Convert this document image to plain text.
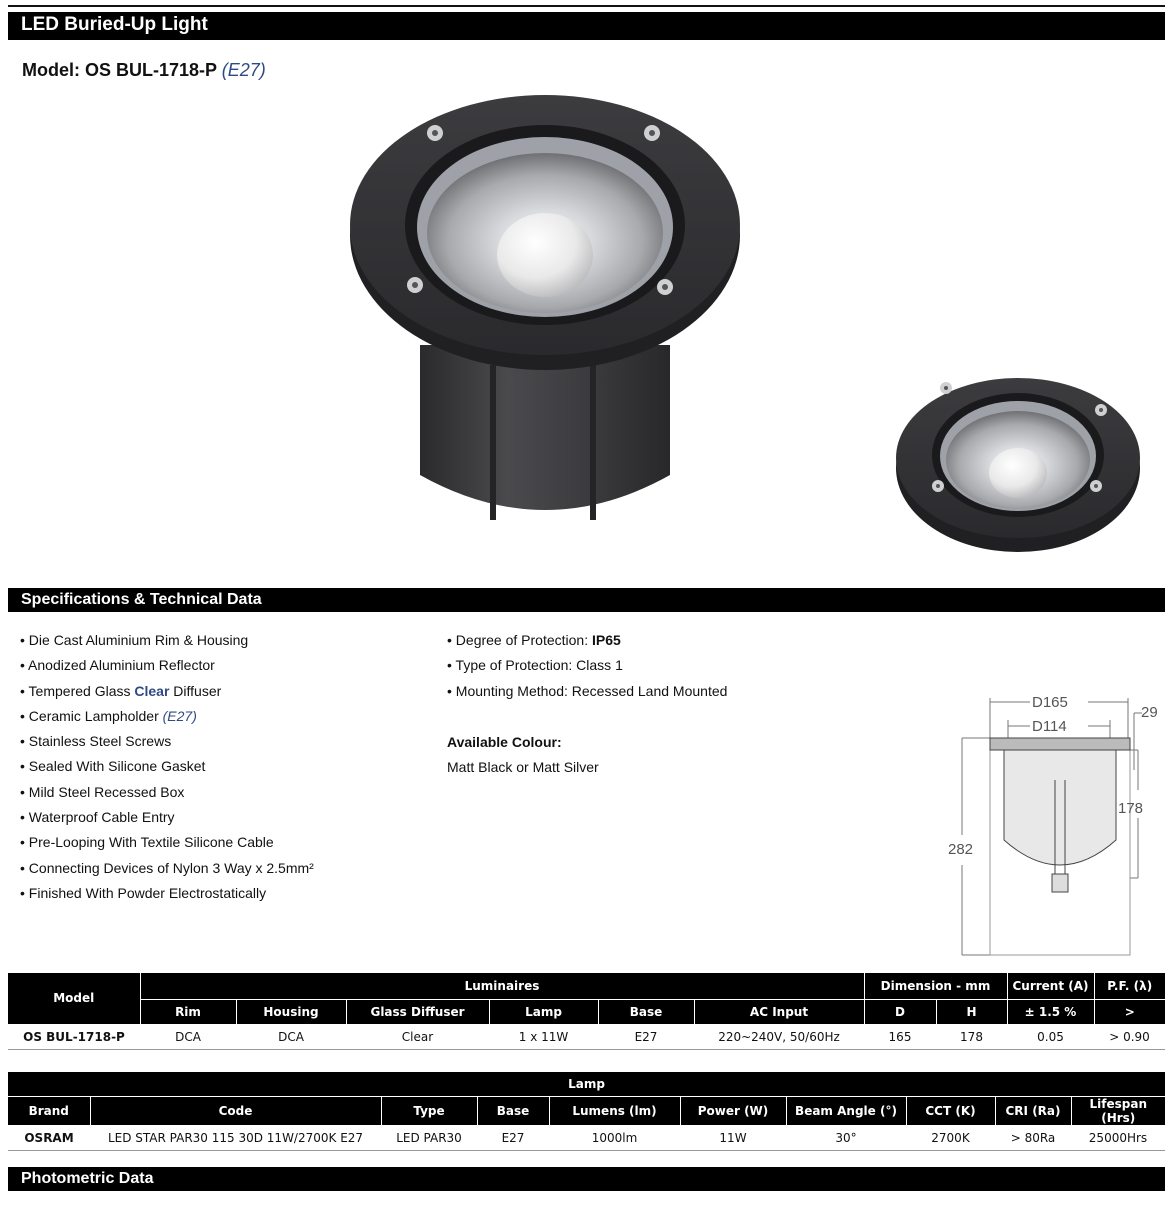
LED Buried-Up Light
Model: OS BUL-1718-P (E27)
Specifications & Technical Data
• Die Cast Aluminium Rim & Housing
• Anodized Aluminium Reflector
• Tempered Glass Clear Diffuser
• Ceramic Lampholder (E27)
• Stainless Steel Screws
• Sealed With Silicone Gasket
• Mild Steel Recessed Box
• Waterproof Cable Entry
• Pre-Looping With Textile Silicone Cable
• Connecting Devices of Nylon 3 Way x 2.5mm²
• Finished With Powder Electrostatically
• Degree of Protection: IP65
• Type of Protection: Class 1
• Mounting Method: Recessed Land Mounted
Available Colour:
Matt Black or Matt Silver
D165
D114
29
178
282
Model	Luminaires						Dimension - mm		Current (A)	P.F. (λ)
	Rim	Housing	Glass Diffuser	Lamp	Base	AC Input	D	H	± 1.5 %	>
OS BUL-1718-P	DCA	DCA	Clear	1 x 11W	E27	220~240V, 50/60Hz	165	178	0.05	> 0.90
Lamp									
Brand	Code	Type	Base	Lumens (lm)	Power (W)	Beam Angle (°)	CCT (K)	CRI (Ra)	Lifespan (Hrs)
OSRAM	LED STAR PAR30 115 30D 11W/2700K E27	LED PAR30	E27	1000lm	11W	30°	2700K	> 80Ra	25000Hrs
Photometric Data
